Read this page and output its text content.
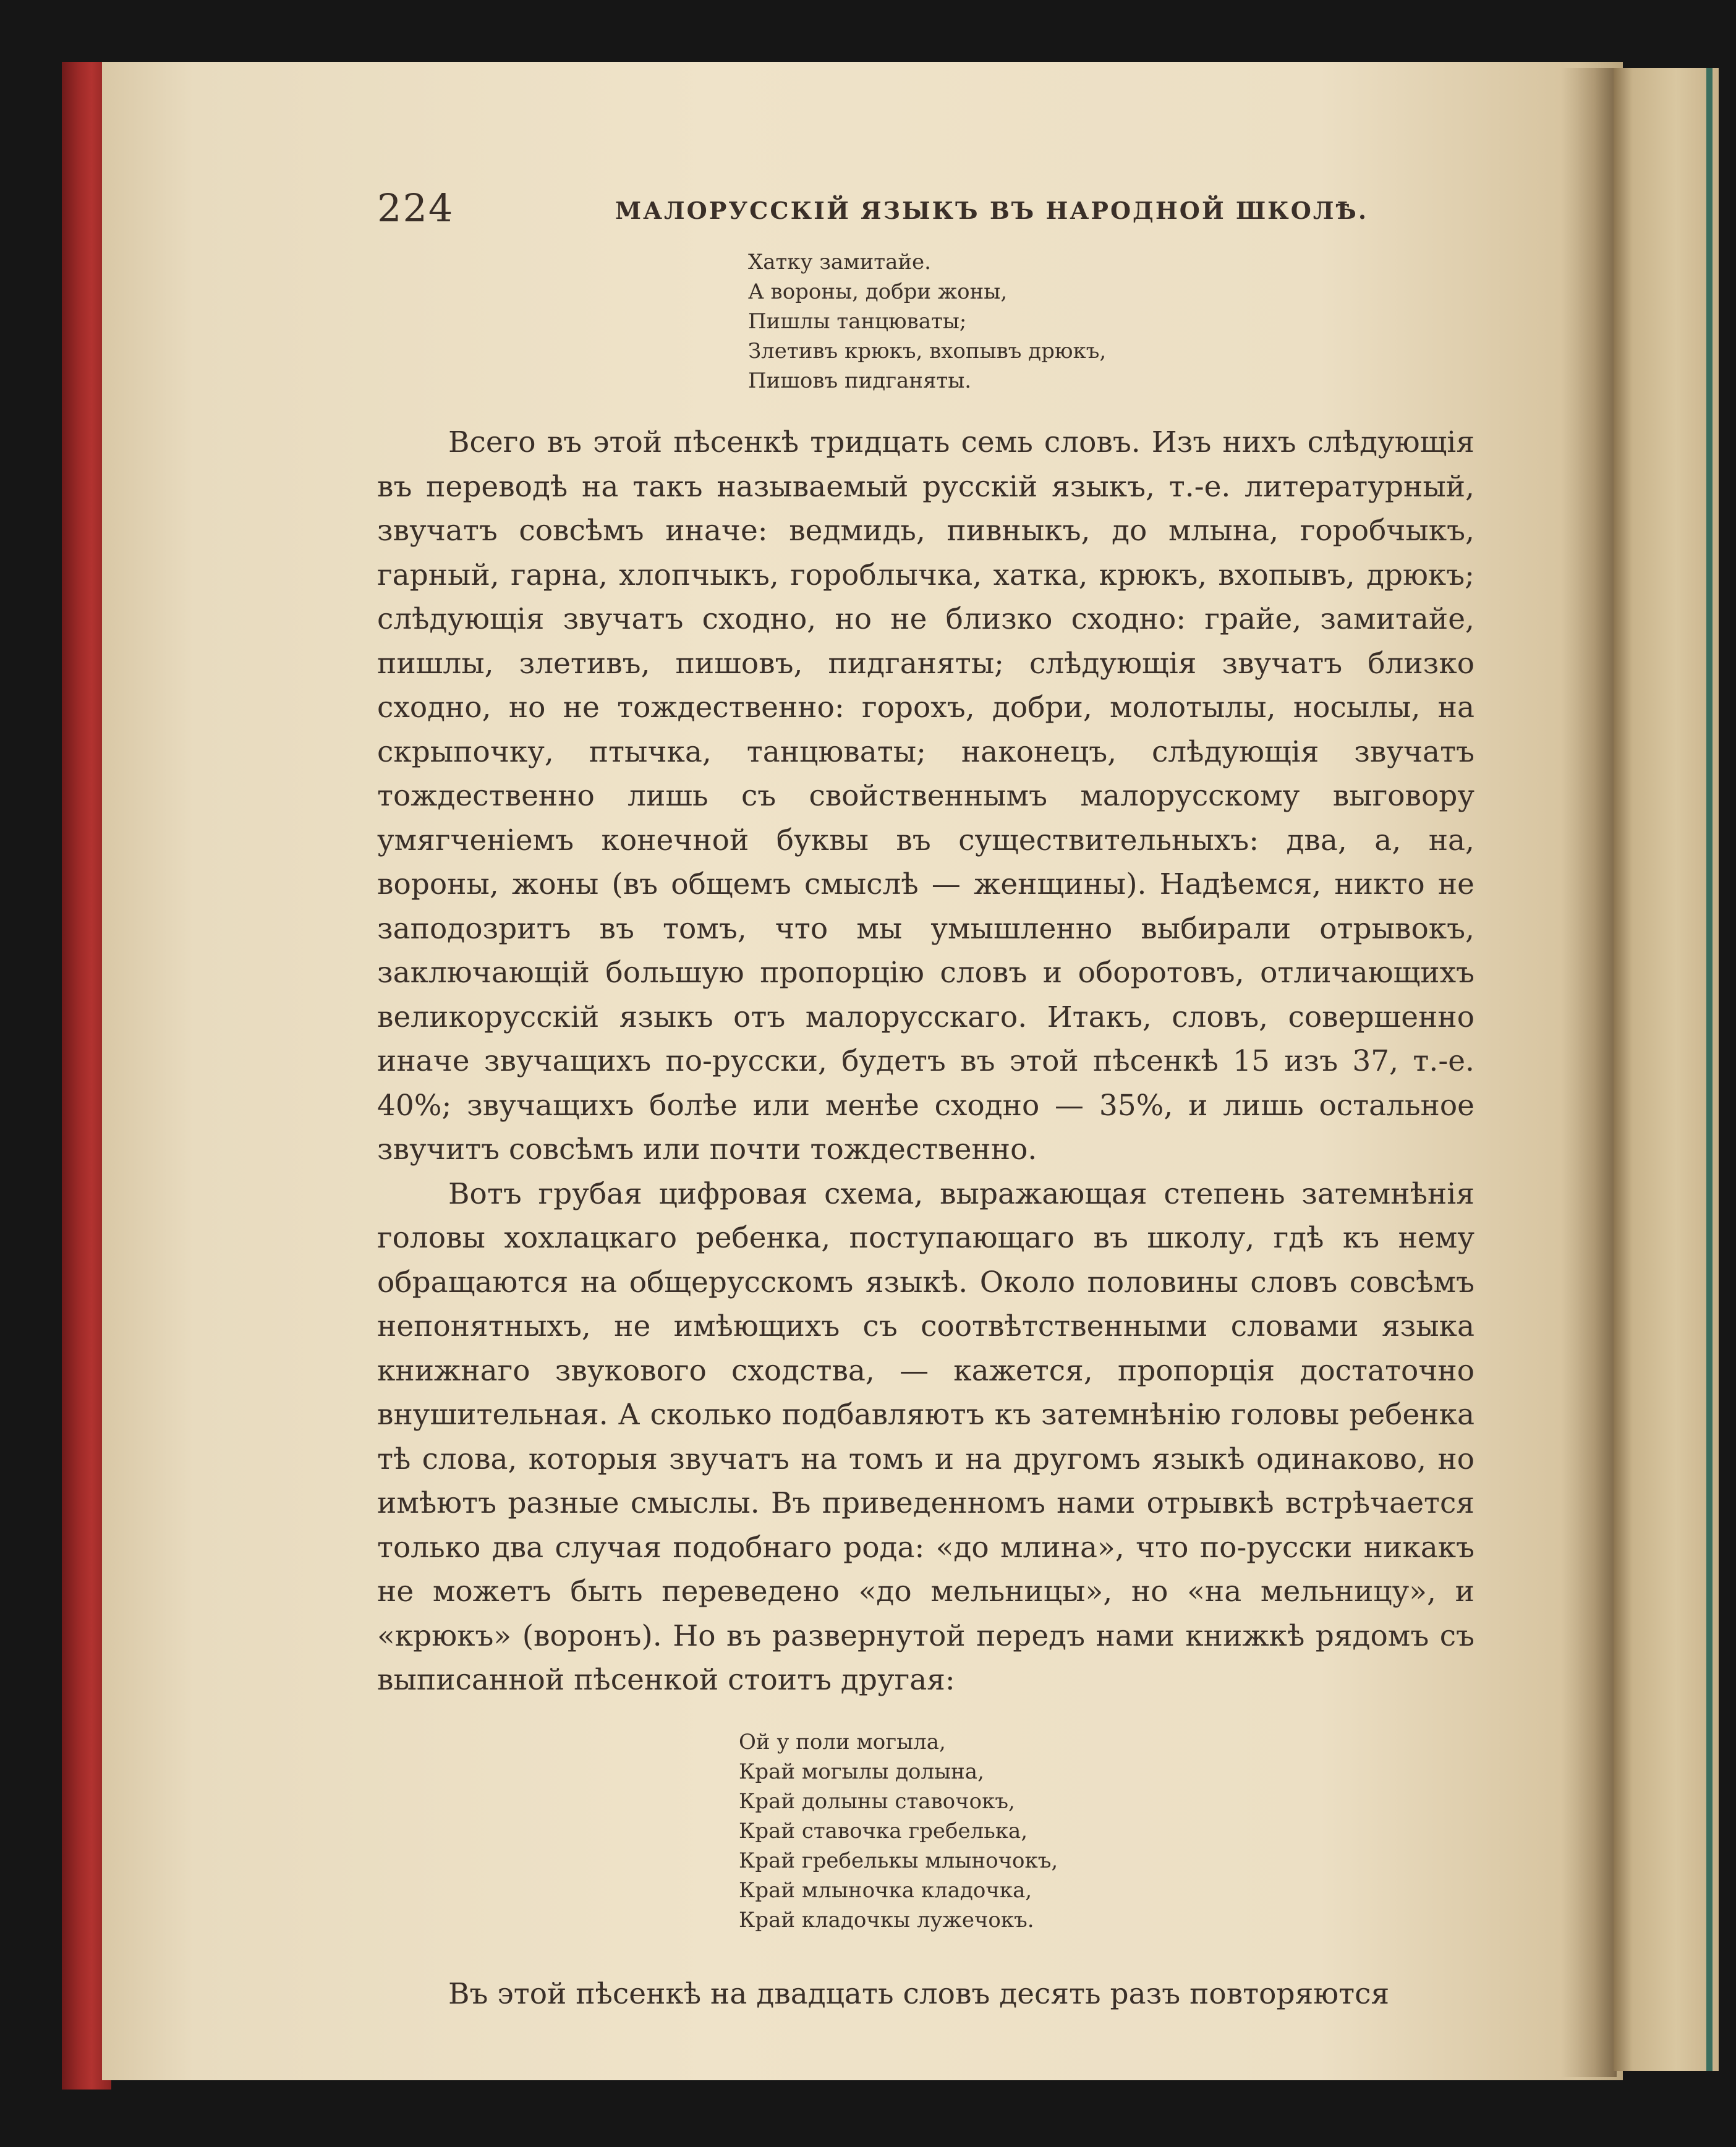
224	МАЛОРУССКІЙ ЯЗЫКЪ ВЪ НАРОДНОЙ ШКОЛѢ.
Хатку замитайе.
А вороны, добри жоны,
Пишлы танцюваты;
Злетивъ крюкъ, вхопывъ дрюкъ,
Пишовъ пидганяты.

Всего въ этой пѣсенкѣ тридцать семь словъ. Изъ нихъ слѣдующія въ переводѣ на такъ называемый русскій языкъ, т.-е. литературный, звучатъ совсѣмъ иначе: ведмидь, пивныкъ, до млына, горобчыкъ, гарный, гарна, хлопчыкъ, гороблычка, хатка, крюкъ, вхопывъ, дрюкъ; слѣдующія звучатъ сходно, но не близко сходно: грайе, замитайе, пишлы, злетивъ, пишовъ, пидганяты; слѣдующія звучатъ близко сходно, но не тождественно: горохъ, добри, молотылы, носылы, на скрыпочку, птычка, танцюваты; наконецъ, слѣдующія звучатъ тождественно лишь съ свойственнымъ малорусскому выговору умягченіемъ конечной буквы въ существительныхъ: два, а, на, вороны, жоны (въ общемъ смыслѣ — женщины). Надѣемся, никто не заподозритъ въ томъ, что мы умышленно выбирали отрывокъ, заключающій большую пропорцію словъ и оборотовъ, отличающихъ великорусскій языкъ отъ малорусскаго. Итакъ, словъ, совершенно иначе звучащихъ по-русски, будетъ въ этой пѣсенкѣ 15 изъ 37, т.-е. 40%; звучащихъ болѣе или менѣе сходно — 35%, и лишь остальное звучитъ совсѣмъ или почти тождественно.

Вотъ грубая цифровая схема, выражающая степень затемнѣнія головы хохлацкаго ребенка, поступающаго въ школу, гдѣ къ нему обращаются на общерусскомъ языкѣ. Около половины словъ совсѣмъ непонятныхъ, не имѣющихъ съ соотвѣтственными словами языка книжнаго звукового сходства, — кажется, пропорція достаточно внушительная. А сколько подбавляютъ къ затемнѣнію головы ребенка тѣ слова, которыя звучатъ на томъ и на другомъ языкѣ одинаково, но имѣютъ разные смыслы. Въ приведенномъ нами отрывкѣ встрѣчается только два случая подобнаго рода: «до млина», что по-русски никакъ не можетъ быть переведено «до мельницы», но «на мельницу», и «крюкъ» (воронъ). Но въ развернутой передъ нами книжкѣ рядомъ съ выписанной пѣсенкой стоитъ другая:

Ой у поли могыла,
Край могылы долына,
Край долыны ставочокъ,
Край ставочка гребелька,
Край гребелькы млыночокъ,
Край млыночка кладочка,
Край кладочкы лужечокъ.

Въ этой пѣсенкѣ на двадцать словъ десять разъ повторяются
